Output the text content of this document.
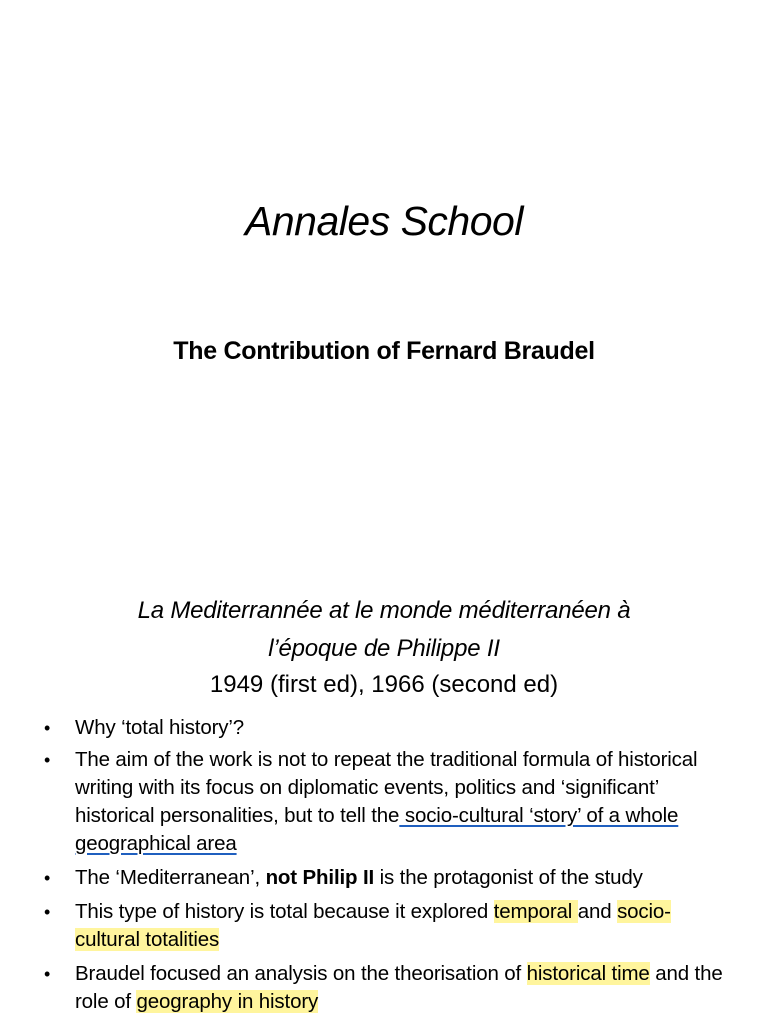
Annales School
The Contribution of Fernard Braudel
La Mediterrannée at le monde méditerranéen à
l’époque de Philippe II
1949 (first ed), 1966 (second ed)
• Why ‘total history’?
• The aim of the work is not to repeat the traditional formula of historical writing with its focus on diplomatic events, politics and ‘significant’ historical personalities, but to tell the socio-cultural ‘story’ of a whole geographical area
• The ‘Mediterranean’, not Philip II is the protagonist of the study
• This type of history is total because it explored temporal and socio-cultural totalities
• Braudel focused an analysis on the theorisation of historical time and the role of geography in history
